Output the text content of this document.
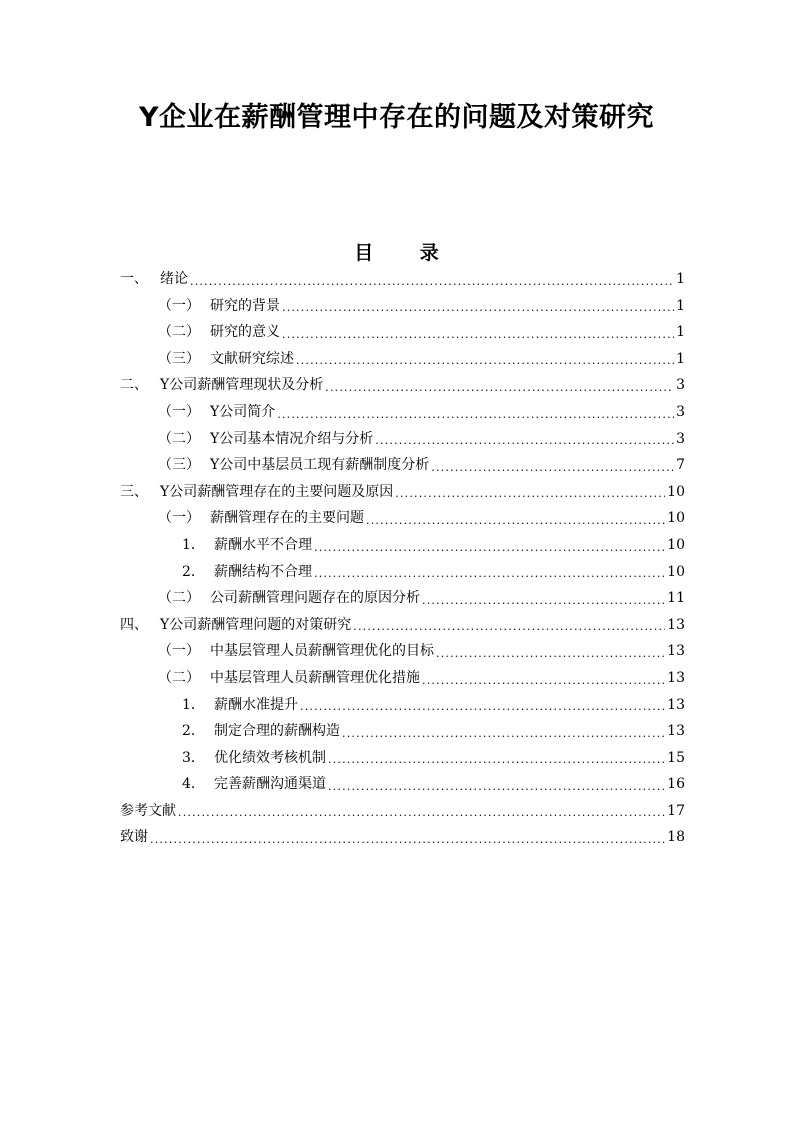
Y企业在薪酬管理中存在的问题及对策研究
目 录
一、 绪论 .....	1
（一） 研究的背景 .....	1
（二） 研究的意义 .....	1
（三） 文献研究综述 .....	1
二、 Y公司薪酬管理现状及分析 .....	3
（一） Y公司简介 .....	3
（二） Y公司基本情况介绍与分析 .....	3
（三） Y公司中基层员工现有薪酬制度分析 .....	7
三、 Y公司薪酬管理存在的主要问题及原因 .....	10
（一） 薪酬管理存在的主要问题 .....	10
1． 薪酬水平不合理 .....	10
2． 薪酬结构不合理 .....	10
（二） 公司薪酬管理问题存在的原因分析 .....	11
四、 Y公司薪酬管理问题的对策研究 .....	13
（一） 中基层管理人员薪酬管理优化的目标 .....	13
（二） 中基层管理人员薪酬管理优化措施 .....	13
1． 薪酬水准提升 .....	13
2． 制定合理的薪酬构造 .....	13
3． 优化绩效考核机制 .....	15
4． 完善薪酬沟通渠道 .....	16
参考文献 .....	17
致谢 .....	18
